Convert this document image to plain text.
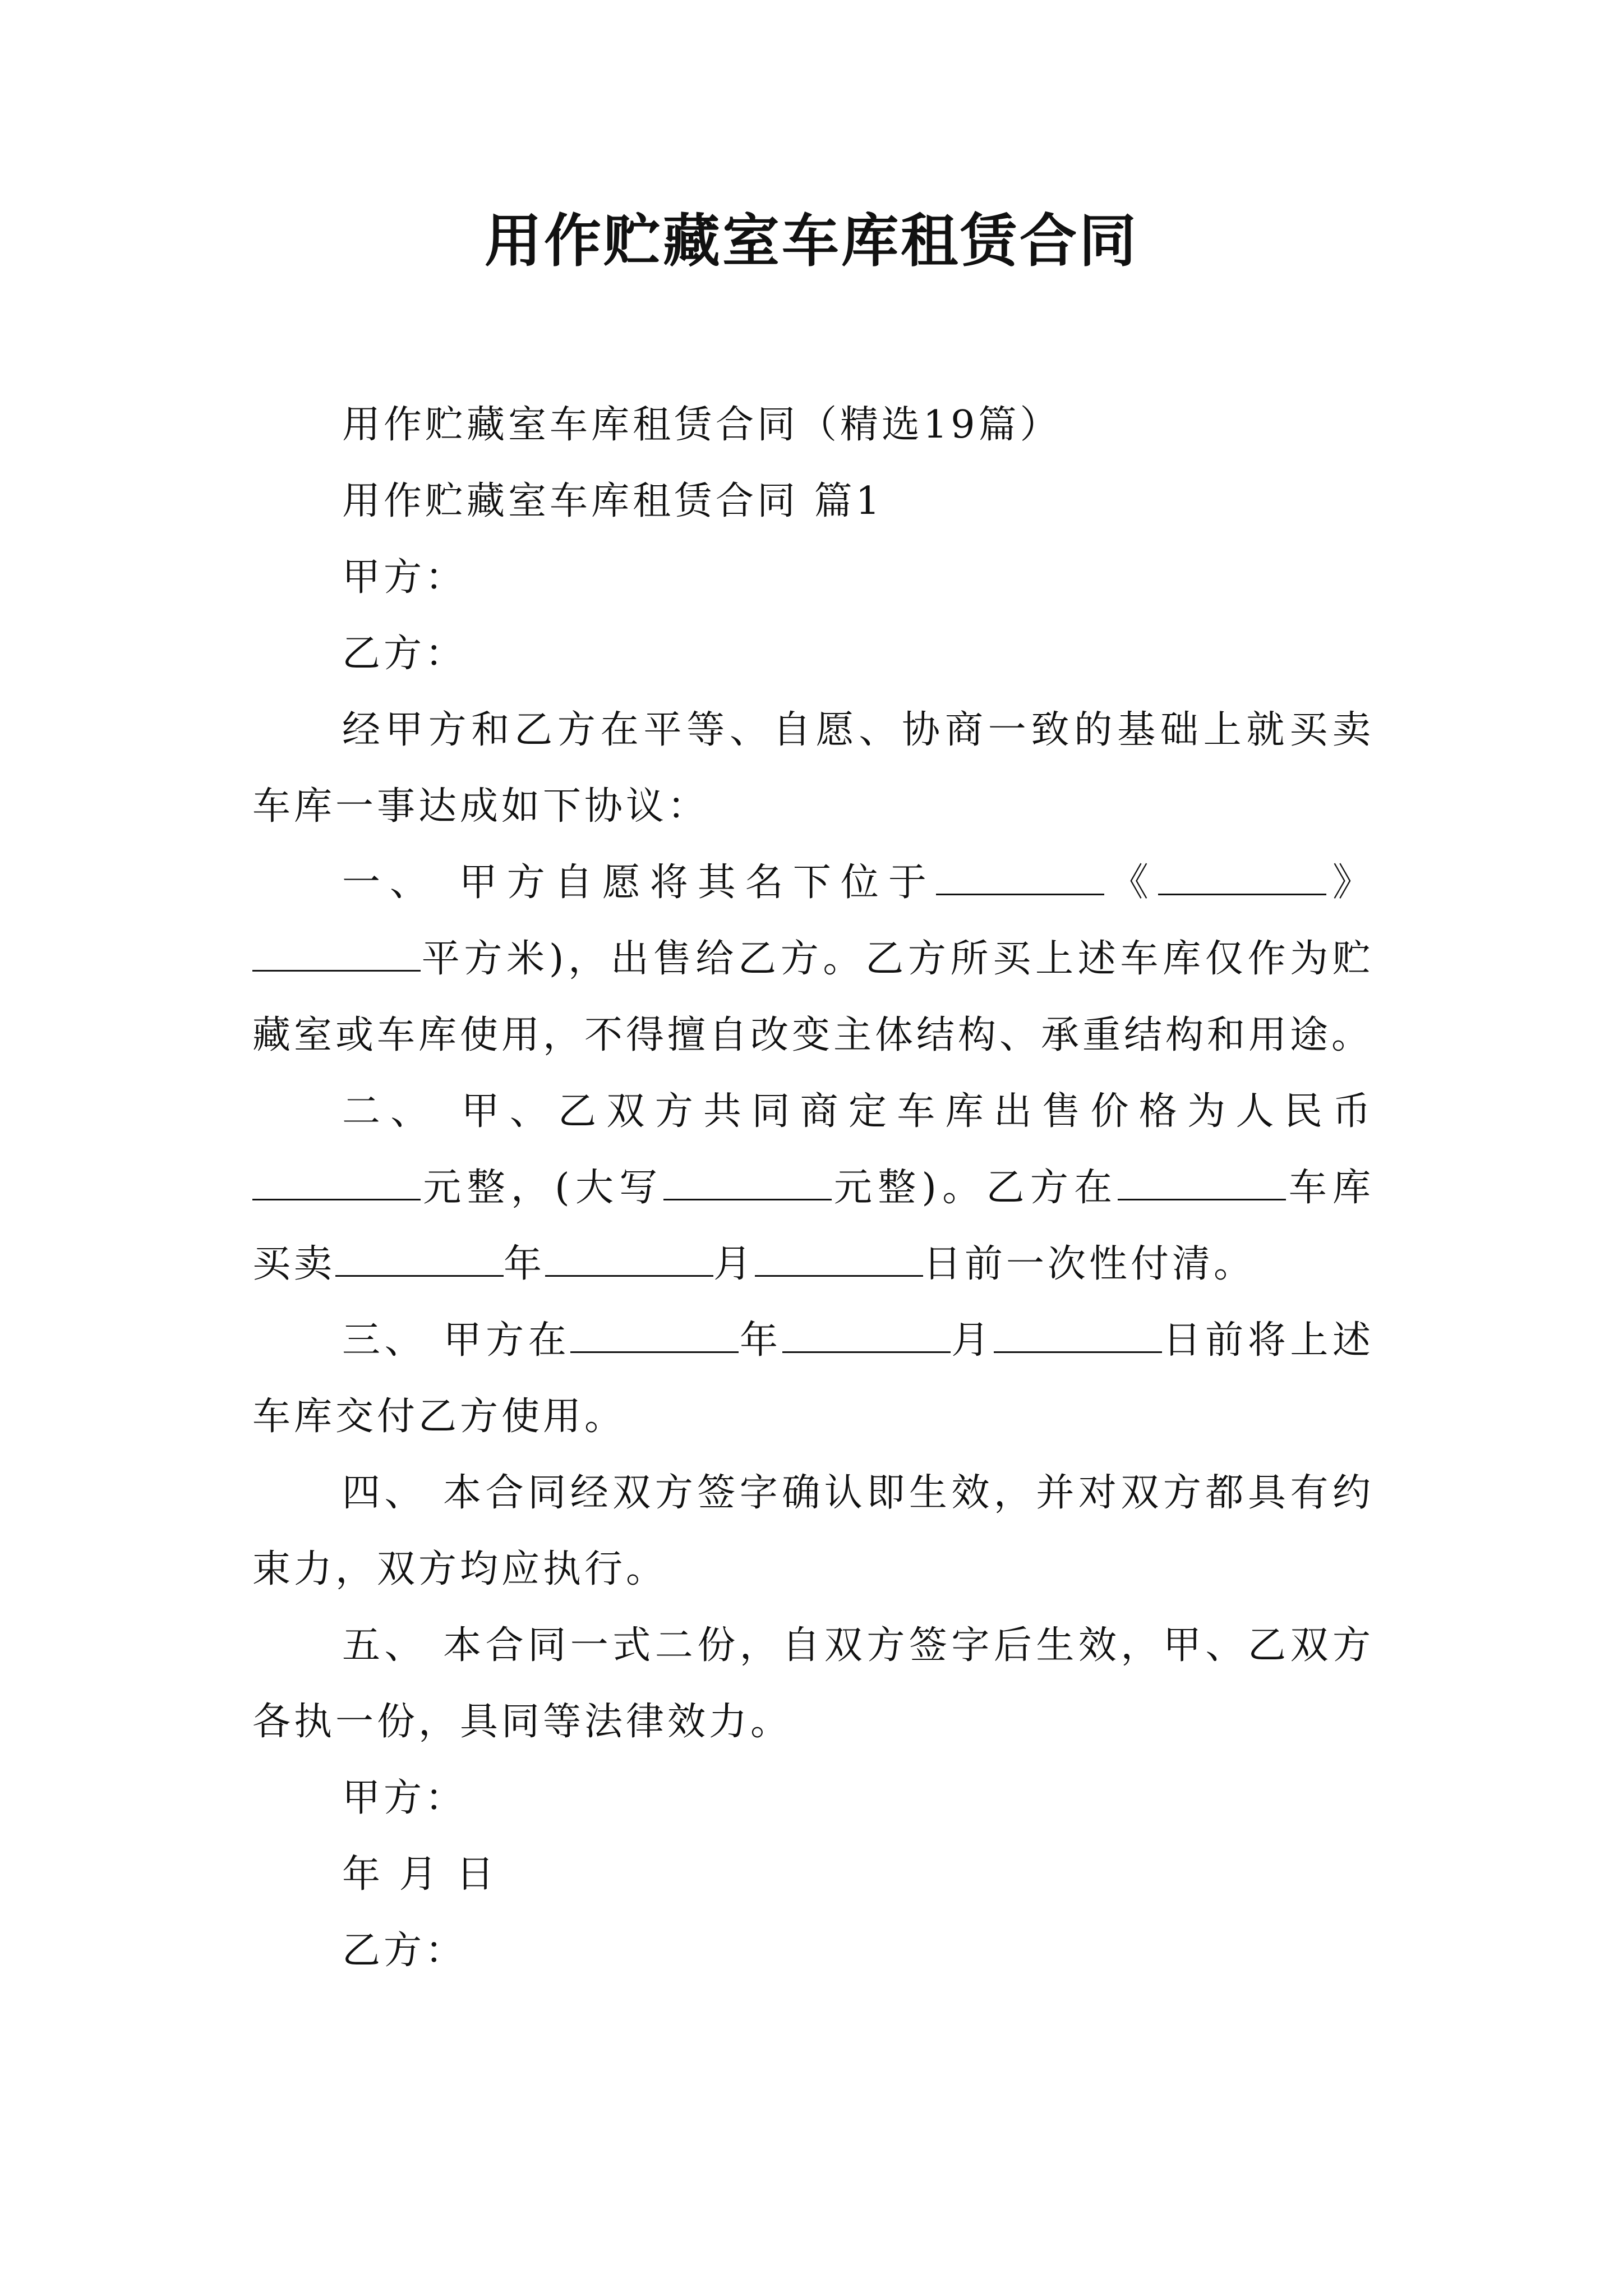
用作贮藏室车库租赁合同

用作贮藏室车库租赁合同（精选19篇）

用作贮藏室车库租赁合同 篇1

甲方：

乙方：

经甲方和乙方在平等、自愿、协商一致的基础上就买卖车库一事达成如下协议：

一、 甲方自愿将其名下位于	《	》平方米)，出售给乙方。乙方所买上述车库仅作为贮藏室或车库使用，不得擅自改变主体结构、承重结构和用途。

二、 甲、乙双方共同商定车库出售价格为人民币元整，(大写	元整)。乙方在	车库买卖	年	月	日前一次性付清。

三、 甲方在	年	月	日前将上述车库交付乙方使用。

四、 本合同经双方签字确认即生效，并对双方都具有约束力，双方均应执行。

五、 本合同一式二份，自双方签字后生效，甲、乙双方各执一份，具同等法律效力。

甲方：

年 月 日

乙方：
